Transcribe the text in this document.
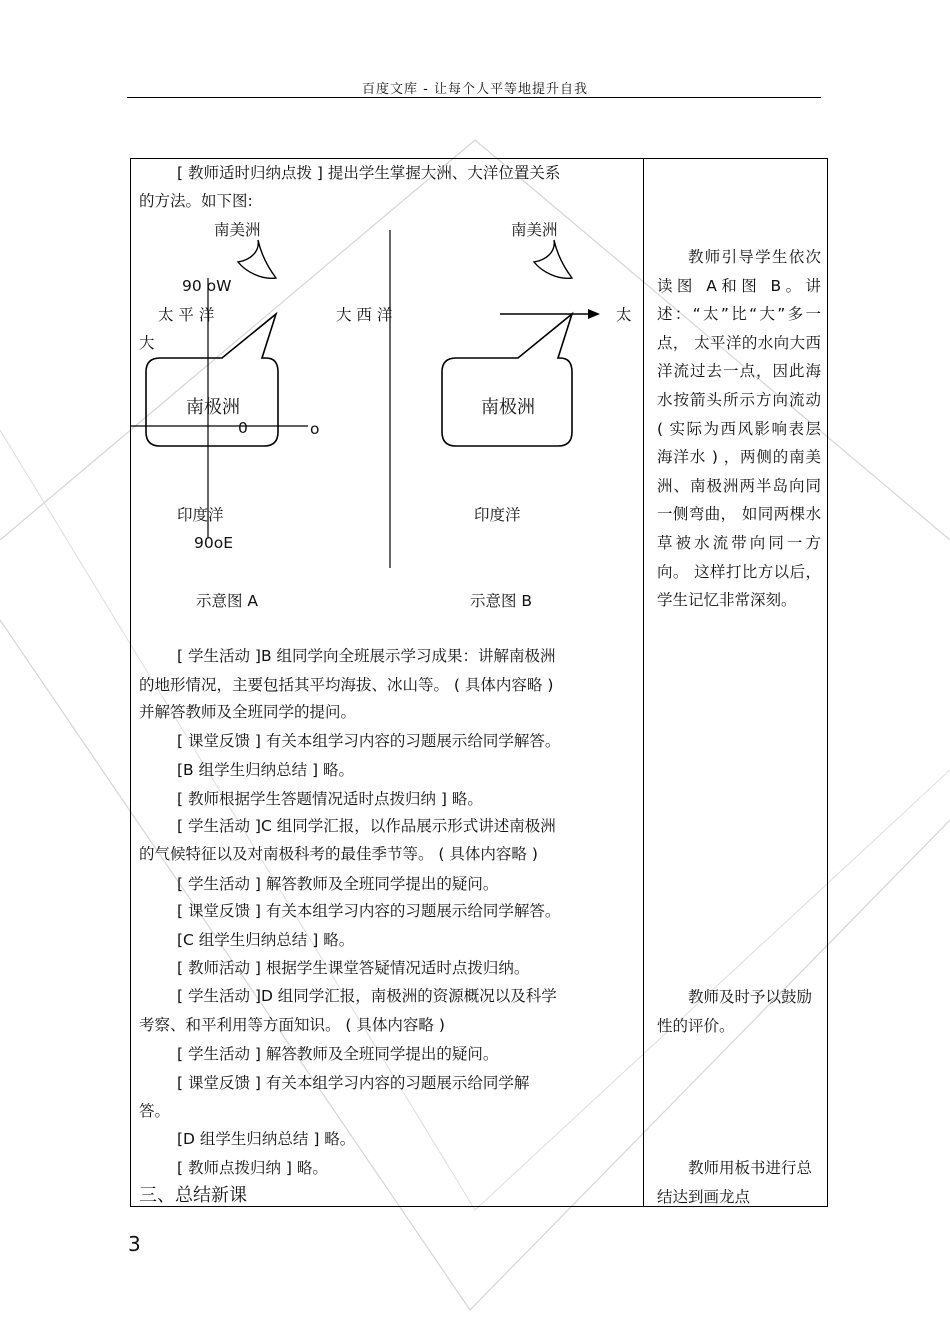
百度文库 - 让每个人平等地提升自我
教师引导学生依次读图 A和图 B。讲述：“太”比“大”多一点， 太平洋的水向大西洋流过去一点，因此海水按箭头所示方向流动 ( 实际为西风影响表层海洋水 ) ，两侧的南美洲、南极洲两半岛向同一侧弯曲， 如同两棵水草被水流带向同一方向。 这样打比方以后， 学生记忆非常深刻。
教师及时予以鼓励性的评价。
教师用板书进行总结达到画龙点
[ 教师适时归纳点拨 ] 提出学生掌握大洲、大洋位置关系
的方法。如下图:
南美洲
90 oW
太 平 洋	大 西 洋
大
南极洲
0	o
印度洋
90oE
示意图 A
南美洲
太
南极洲
印度洋
示意图 B
[ 学生活动 ]B 组同学向全班展示学习成果：讲解南极洲
的地形情况，主要包括其平均海拔、冰山等。 ( 具体内容略 )
并解答教师及全班同学的提问。
[ 课堂反馈 ] 有关本组学习内容的习题展示给同学解答。
[B 组学生归纳总结 ] 略。
[ 教师根据学生答题情况适时点拨归纳 ] 略。
[ 学生活动 ]C 组同学汇报，以作品展示形式讲述南极洲
的气候特征以及对南极科考的最佳季节等。 ( 具体内容略 )
[ 学生活动 ] 解答教师及全班同学提出的疑问。
[ 课堂反馈 ] 有关本组学习内容的习题展示给同学解答。
[C 组学生归纳总结 ] 略。
[ 教师活动 ] 根据学生课堂答疑情况适时点拨归纳。
[ 学生活动 ]D 组同学汇报，南极洲的资源概况以及科学
考察、和平利用等方面知识。 ( 具体内容略 )
[ 学生活动 ] 解答教师及全班同学提出的疑问。
[ 课堂反馈 ] 有关本组学习内容的习题展示给同学解
答。
[D 组学生归纳总结 ] 略。
[ 教师点拨归纳 ] 略。
三、总结新课
3
